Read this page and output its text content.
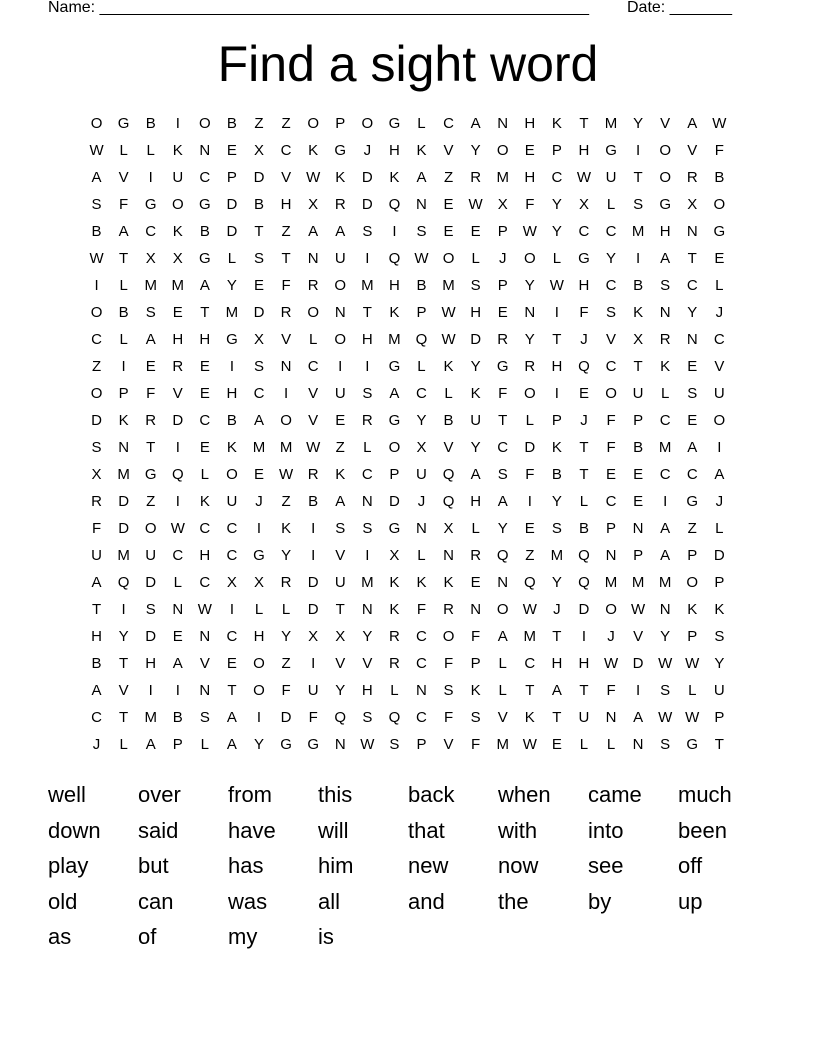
Name: _______________________________________________________ Date: _______
Find a sight word
O	G	B	I	O	B	Z	Z	O	P	O	G	L	C	A	N	H	K	T	M	Y	V	A W
W	L	L	K	N	E	X	C	K	G	J	H	K	V	Y	O	E	P	H	G	I	O	V	F
A	V	I	U	C	P	D	V W K	D	K	A	Z	R	M	H	C W U	T	O	R	B
S	F	G	O	G	D	B	H	X	R	D	Q	N	E W X	F	Y	X	L	S	G	X	O
B	A	C	K	B	D	T	Z	A	A	S	I	S	E	E	P W Y	C	C	M	H	N	G
W	T	X	X	G	L	S	T	N	U	I	Q W O	L	J	O	L	G	Y	I	A	T	E
I	L	M M	A	Y	E	F	R	O M	H	B	M	S	P	Y W H	C	B	S	C	L
O	B	S	E	T	M	D	R	O	N	T	K	P W H	E	N	I	F	S	K	N	Y	J
C	L	A	H	H	G	X	V	L	O	H	M	Q W D	R	Y	T	J	V	X	R	N	C
Z	I	E	R	E	I	S	N	C	I	I	G	L	K	Y	G	R	H	Q	C	T	K	E	V
O	P	F	V	E	H	C	I	V	U	S	A	C	L	K	F	O	I	E	O	U	L	S	U
D	K	R	D	C	B	A	O	V	E	R	G	Y	B	U	T	L	P	J	F	P	C	E	O
S	N	T	I	E	K	M M W	Z	L	O	X	V	Y	C	D	K	T	F	B	M	A	I
X	M	G	Q	L	O	E W R	K	C	P	U	Q	A	S	F	B	T	E	E	C	C	A
R	D	Z	I	K	U	J	Z	B	A	N	D	J	Q	H	A	I	Y	L	C	E	I	G	J
F	D	O W C	C	I	K	I	S	S	G	N	X	L	Y	E	S	B	P	N	A	Z	L
U	M	U	C	H	C	G	Y	I	V	I	X	L	N	R	Q	Z	M	Q	N	P	A	P	D
A	Q	D	L	C	X	X	R	D	U	M	K	K	K	E	N	Q	Y	Q M M M	O	P
T	I	S	N W	I	L	L	D	T	N	K	F	R	N	O W	J	D	O W N	K	K
H	Y	D	E	N	C	H	Y	X	X	Y	R	C	O	F	A	M	T	I	J	V	Y	P	S
B	T	H	A	V	E	O	Z	I	V	V	R	C	F	P	L	C	H	H W D W W Y
A	V	I	I	N	T	O	F	U	Y	H	L	N	S	K	L	T	A	T	F	I	S	L	U
C	T	M	B	S	A	I	D	F	Q	S	Q	C	F	S	V	K	T	U	N	A W W P
J	L	A	P	L	A	Y	G	G	N W S	P	V	F	M W E	L	L	N	S	G	T
well	over	from	this	back	when	came	much
down	said	have	will	that	with	into	been
play	but	has	him	new	now	see	off
old	can	was	all	and	the	by	up
as	of	my	is
